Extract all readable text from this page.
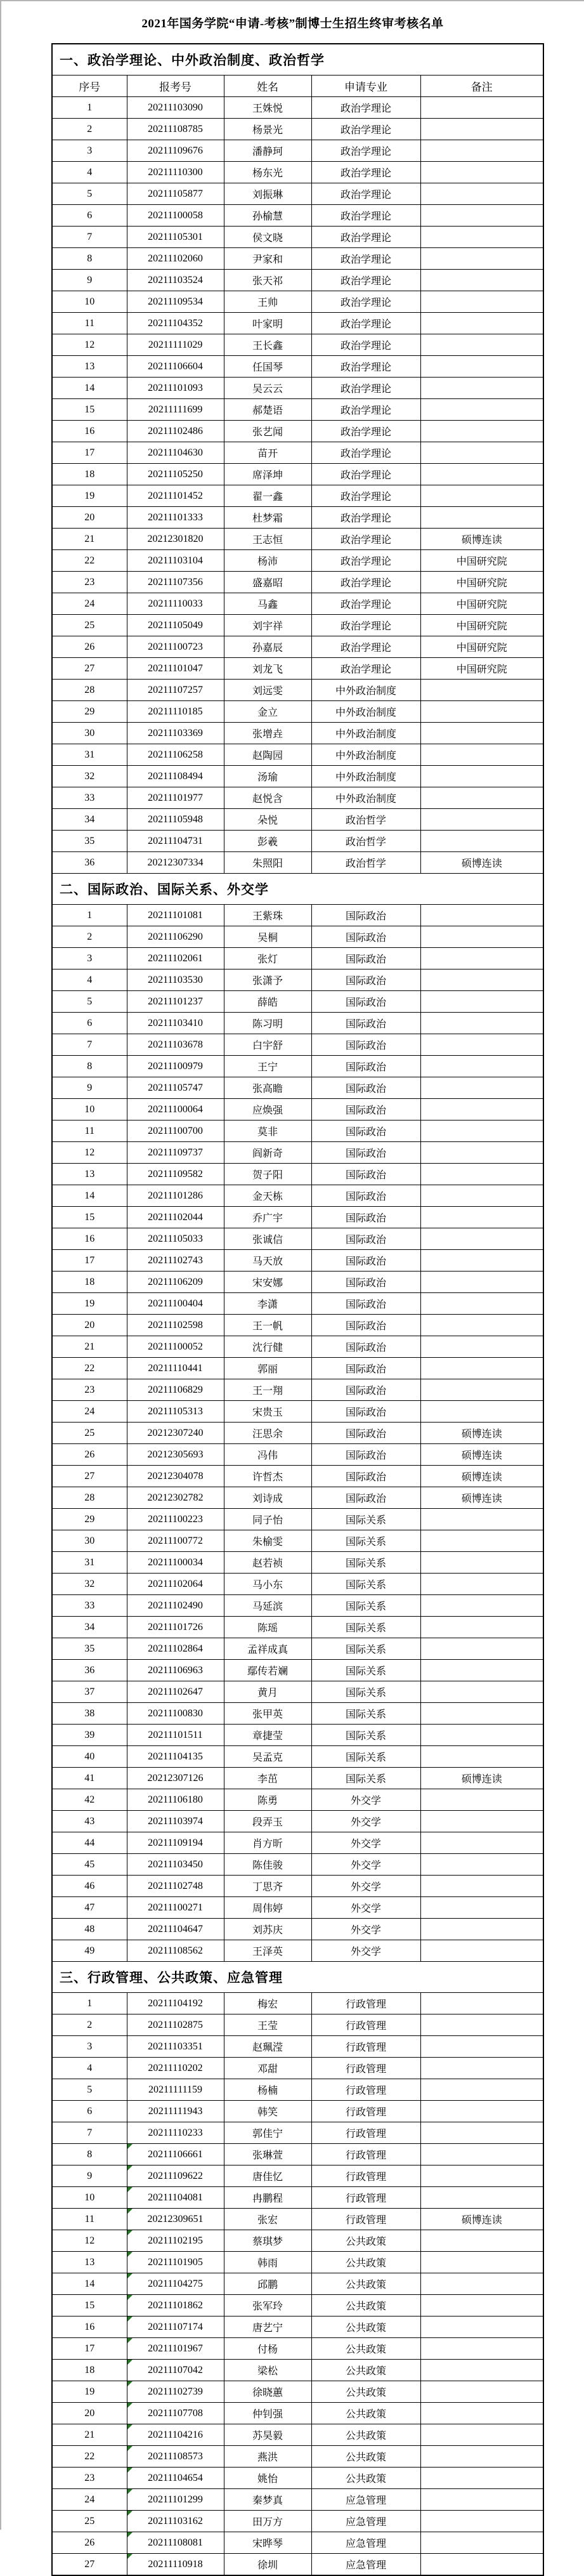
2021年国务学院“申请-考核”制博士生招生终审考核名单
一、政治学理论、中外政治制度、政治哲学				
序号	报考号	姓名	申请专业	备注
1	20211103090	王姝悦	政治学理论	
2	20211108785	杨景光	政治学理论	
3	20211109676	潘静珂	政治学理论	
4	20211110300	杨东光	政治学理论	
5	20211105877	刘振琳	政治学理论	
6	20211100058	孙榆慧	政治学理论	
7	20211105301	侯文晓	政治学理论	
8	20211102060	尹家和	政治学理论	
9	20211103524	张天祁	政治学理论	
10	20211109534	王帅	政治学理论	
11	20211104352	叶家明	政治学理论	
12	20211111029	王长鑫	政治学理论	
13	20211106604	任国琴	政治学理论	
14	20211101093	吴云云	政治学理论	
15	20211111699	郝楚语	政治学理论	
16	20211102486	张艺闻	政治学理论	
17	20211104630	苗开	政治学理论	
18	20211105250	席泽坤	政治学理论	
19	20211101452	翟一鑫	政治学理论	
20	20211101333	杜梦霜	政治学理论	
21	20212301820	王志恒	政治学理论	硕博连读
22	20211103104	杨沛	政治学理论	中国研究院
23	20211107356	盛嘉昭	政治学理论	中国研究院
24	20211110033	马鑫	政治学理论	中国研究院
25	20211105049	刘宇祥	政治学理论	中国研究院
26	20211100723	孙嘉辰	政治学理论	中国研究院
27	20211101047	刘龙飞	政治学理论	中国研究院
28	20211107257	刘远雯	中外政治制度	
29	20211110185	金立	中外政治制度	
30	20211103369	张增垚	中外政治制度	
31	20211106258	赵陶园	中外政治制度	
32	20211108494	汤瑜	中外政治制度	
33	20211101977	赵悦含	中外政治制度	
34	20211105948	朵悦	政治哲学	
35	20211104731	彭羲	政治哲学	
36	20212307334	朱照阳	政治哲学	硕博连读
二、国际政治、国际关系、外交学				
1	20211101081	王紫珠	国际政治	
2	20211106290	吴桐	国际政治	
3	20211102061	张灯	国际政治	
4	20211103530	张潇予	国际政治	
5	20211101237	薛皓	国际政治	
6	20211103410	陈习明	国际政治	
7	20211103678	白宇舒	国际政治	
8	20211100979	王宁	国际政治	
9	20211105747	张高瞻	国际政治	
10	20211100064	应焕强	国际政治	
11	20211100700	莫非	国际政治	
12	20211109737	阎新奇	国际政治	
13	20211109582	贺子阳	国际政治	
14	20211101286	金天栋	国际政治	
15	20211102044	乔广宇	国际政治	
16	20211105033	张诚信	国际政治	
17	20211102743	马天放	国际政治	
18	20211106209	宋安娜	国际政治	
19	20211100404	李潇	国际政治	
20	20211102598	王一帆	国际政治	
21	20211100052	沈行健	国际政治	
22	20211110441	郭丽	国际政治	
23	20211106829	王一翔	国际政治	
24	20211105313	宋贵玉	国际政治	
25	20212307240	汪思余	国际政治	硕博连读
26	20212305693	冯伟	国际政治	硕博连读
27	20212304078	许哲杰	国际政治	硕博连读
28	20212302782	刘诗成	国际政治	硕博连读
29	20211100223	同子怡	国际关系	
30	20211100772	朱榆雯	国际关系	
31	20211100034	赵若祯	国际关系	
32	20211102064	马小东	国际关系	
33	20211102490	马延滨	国际关系	
34	20211101726	陈瑶	国际关系	
35	20211102864	孟祥成真	国际关系	
36	20211106963	鄢传若斓	国际关系	
37	20211102647	黄月	国际关系	
38	20211100830	张甲英	国际关系	
39	20211101511	章捷莹	国际关系	
40	20211104135	吴孟克	国际关系	
41	20212307126	李茁	国际关系	硕博连读
42	20211106180	陈勇	外交学	
43	20211103974	段弄玉	外交学	
44	20211109194	肖方昕	外交学	
45	20211103450	陈佳骏	外交学	
46	20211102748	丁思齐	外交学	
47	20211100271	周伟婷	外交学	
48	20211104647	刘苏庆	外交学	
49	20211108562	王泽英	外交学	
三、行政管理、公共政策、应急管理				
1	20211104192	梅宏	行政管理	
2	20211102875	王莹	行政管理	
3	20211103351	赵珮滢	行政管理	
4	20211110202	邓甜	行政管理	
5	20211111159	杨楠	行政管理	
6	20211111943	韩笑	行政管理	
7	20211110233	郭佳宁	行政管理	
8	20211106661	张琳萱	行政管理	
9	20211109622	唐佳忆	行政管理	
10	20211104081	冉鹏程	行政管理	
11	20212309651	张宏	行政管理	硕博连读
12	20211102195	蔡琪梦	公共政策	
13	20211101905	韩雨	公共政策	
14	20211104275	邱鹏	公共政策	
15	20211101862	张军玲	公共政策	
16	20211107174	唐艺宁	公共政策	
17	20211101967	付杨	公共政策	
18	20211107042	梁松	公共政策	
19	20211102739	徐晓蕙	公共政策	
20	20211107708	仲钊强	公共政策	
21	20211104216	苏昊毅	公共政策	
22	20211108573	燕洪	公共政策	
23	20211104654	姚怡	公共政策	
24	20211101299	秦梦真	应急管理	
25	20211103162	田万方	应急管理	
26	20211108081	宋晔琴	应急管理	
27	20211110918	徐圳	应急管理	
